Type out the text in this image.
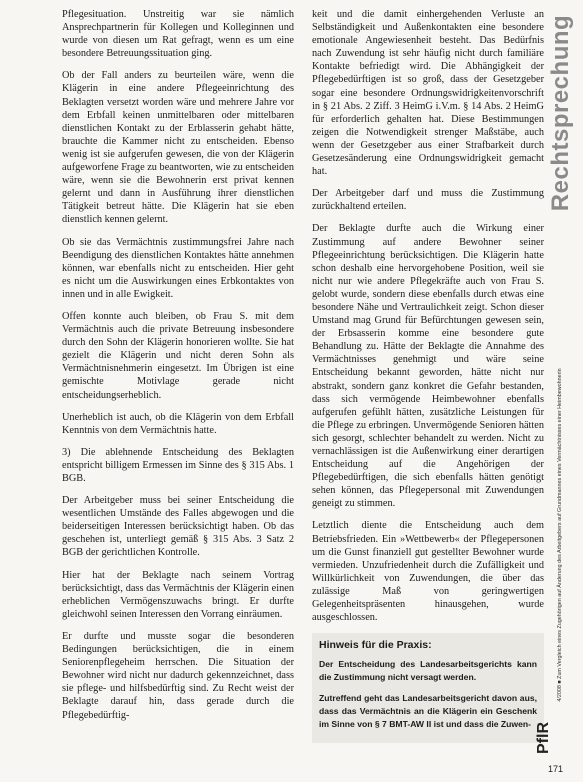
Pflegesituation. Unstreitig war sie nämlich Ansprechpartnerin für Kollegen und Kolleginnen und wurde von diesen um Rat gefragt, wenn es um eine besondere Betreuungssituation ging.

Ob der Fall anders zu beurteilen wäre, wenn die Klägerin in eine andere Pflegeeinrichtung des Beklagten versetzt worden wäre und mehrere Jahre vor dem Erbfall keinen unmittelbaren oder mittelbaren dienstlichen Kontakt zu der Erblasserin gehabt hätte, brauchte die Kammer nicht zu entscheiden. Ebenso wenig ist sie aufgerufen gewesen, die von der Klägerin aufgeworfene Frage zu beantworten, wie zu entscheiden wäre, wenn sie die Bewohnerin erst privat kennen gelernt und dann in Ausführung ihrer dienstlichen Tätigkeit betreut hätte. Die Klägerin hat sie eben dienstlich kennen gelernt.

Ob sie das Vermächtnis zustimmungsfrei Jahre nach Beendigung des dienstlichen Kontaktes hätte annehmen können, war ebenfalls nicht zu entscheiden. Hier geht es nicht um die Auswirkungen eines Erbkontaktes von innen und in alle Ewigkeit.

Offen konnte auch bleiben, ob Frau S. mit dem Vermächtnis auch die private Betreuung insbesondere durch den Sohn der Klägerin honorieren wollte. Sie hat gezielt die Klägerin und nicht deren Sohn als Vermächtnisnehmerin eingesetzt. Im Übrigen ist eine gemischte Motivlage gerade nicht entscheidungserheblich.

Unerheblich ist auch, ob die Klägerin von dem Erbfall Kenntnis von dem Vermächtnis hatte.

3) Die ablehnende Entscheidung des Beklagten entspricht billigem Ermessen im Sinne des § 315 Abs. 1 BGB.

Der Arbeitgeber muss bei seiner Entscheidung die wesentlichen Umstände des Falles abgewogen und die beiderseitigen Interessen berücksichtigt haben. Ob das geschehen ist, unterliegt gemäß § 315 Abs. 3 Satz 2 BGB der gerichtlichen Kontrolle.

Hier hat der Beklagte nach seinem Vortrag berücksichtigt, dass das Vermächtnis der Klägerin einen erheblichen Vermögenszuwachs bringt. Er durfte gleichwohl seinen Interessen den Vorrang einräumen.

Er durfte und musste sogar die besonderen Bedingungen berücksichtigen, die in einem Seniorenpflegeheim herrschen. Die Situation der Bewohner wird nicht nur dadurch gekennzeichnet, dass sie pflege- und hilfsbedürftig sind. Zu Recht weist der Beklagte darauf hin, dass gerade durch die Pflegebedürftig-

keit und die damit einhergehenden Verluste an Selbständigkeit und Außenkontakten eine besondere emotionale Angewiesenheit besteht. Das Bedürfnis nach Zuwendung ist sehr häufig nicht durch familiäre Kontakte befriedigt wird. Die Abhängigkeit der Pflegebedürftigen ist so groß, dass der Gesetzgeber sogar eine besondere Ordnungswidrigkeitenvorschrift in § 21 Abs. 2 Ziff. 3 HeimG i.V.m. § 14 Abs. 2 HeimG für erforderlich gehalten hat. Diese Bestimmungen zeigen die Notwendigkeit strenger Maßstäbe, auch wenn der Gesetzgeber aus einer Strafbarkeit durch Gesetzesänderung eine Ordnungswidrigkeit gemacht hat.

Der Arbeitgeber darf und muss die Zustimmung zurückhaltend erteilen.

Der Beklagte durfte auch die Wirkung einer Zustimmung auf andere Bewohner seiner Pflegeeinrichtung berücksichtigen. Die Klägerin hatte schon deshalb eine hervorgehobene Position, weil sie nicht nur wie andere Pflegekräfte auch von Frau S. gelobt wurde, sondern diese ebenfalls durch etwas eine besondere Nähe und Vertraulichkeit zeigt. Schon dieser Umstand mag Grund für Befürchtungen gewesen sein, der Erbsasserin komme eine besondere gute Behandlung zu. Hätte der Beklagte die Annahme des Vermächtnisses genehmigt und wäre seine Entscheidung bekannt geworden, hätte nicht nur abstrakt, sondern ganz konkret die Gefahr bestanden, dass sich vermögende Heimbewohner ebenfalls aufgerufen gefühlt hätten, zusätzliche Leistungen für die Pflege zu erbringen. Unvermögende Senioren hätten sich gesorgt, schlechter behandelt zu werden. Nicht zu vernachlässigen ist die Außenwirkung einer derartigen Entscheidung auf die Angehörigen der Pflegebedürftigen, die sich ebenfalls hätten genötigt sehen können, das Pflegepersonal mit Zuwendungen geneigt zu stimmen.

Letztlich diente die Entscheidung auch dem Betriebsfrieden. Ein »Wettbewerb« der Pflegepersonen um die Gunst finanziell gut gestellter Bewohner wurde vermieden. Unzufriedenheit durch die Zufälligkeit und Willkürlichkeit von Zuwendungen, die über das zulässige Maß von geringwertigen Gelegenheitspräsenten hinausgehen, wurde ausgeschlossen.

Hinweis für die Praxis:

Der Entscheidung des Landesarbeitsgerichts kann die Zustimmung nicht versagt werden.

Zutreffend geht das Landesarbeitsgericht davon aus, dass das Vermächtnis an die Klägerin ein Geschenk im Sinne von § 7 BMT-AW II ist und dass die Zuwen-

Rechtsprechung
4/2008 ■ Zum Vergleich eines Zugehörigen auf Änderung des Arbeitgebers auf Grundmannes eines Vermächtnisses einer Heimbewohnerin
PflR
171
